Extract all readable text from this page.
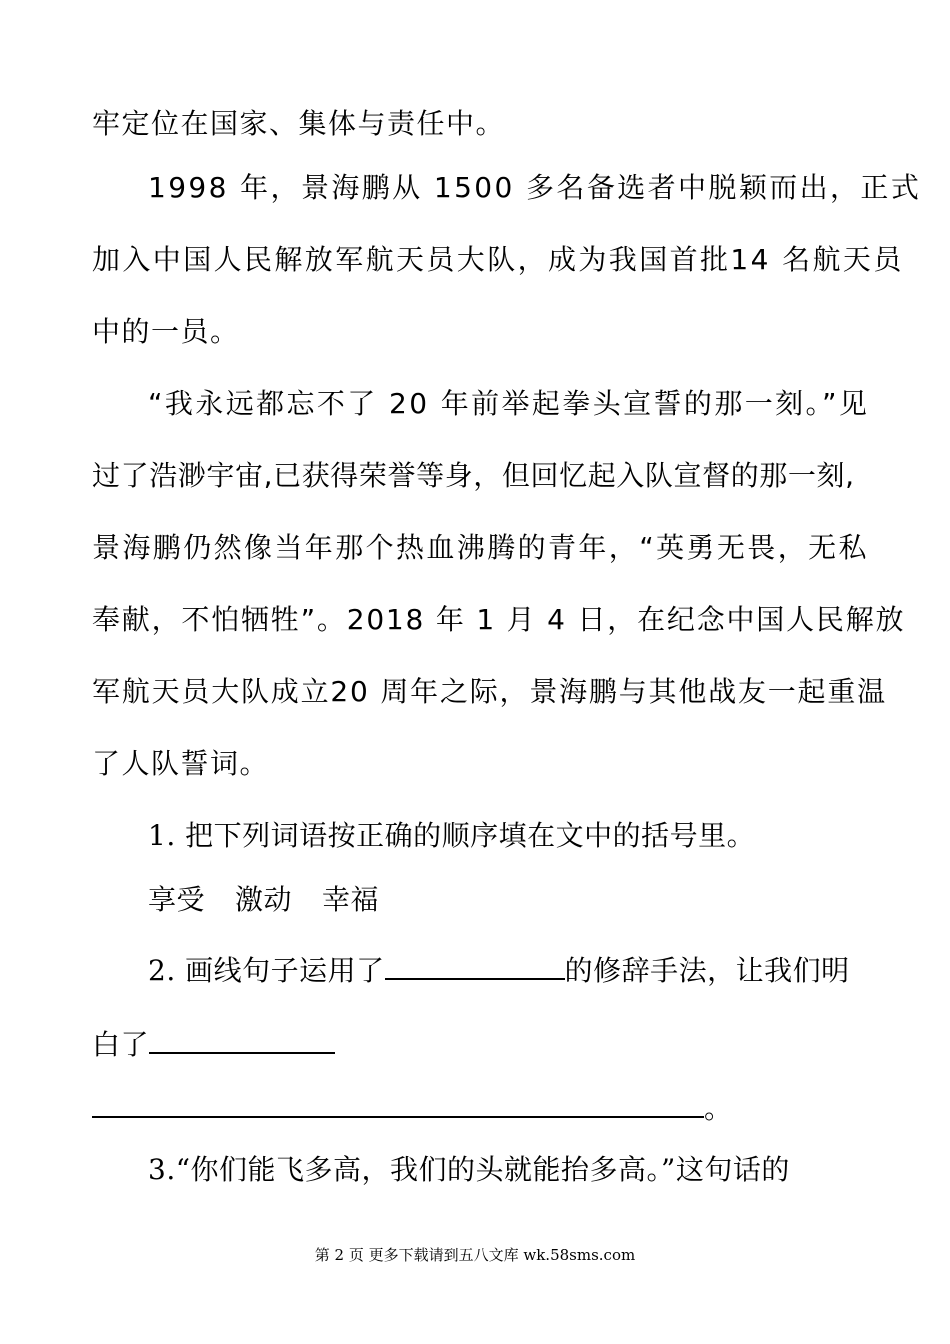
牢定位在国家、集体与责任中。
1998 年，景海鹏从 1500 多名备选者中脱颖而出，正式
加入中国人民解放军航天员大队，成为我国首批14 名航天员
中的一员。
“我永远都忘不了 20 年前举起拳头宣誓的那一刻。”见
过了浩渺宇宙,已获得荣誉等身，但回忆起入队宣督的那一刻,
景海鹏仍然像当年那个热血沸腾的青年，“英勇无畏，无私
奉献，不怕牺牲”。2018 年 1 月 4 日，在纪念中国人民解放
军航天员大队成立20 周年之际，景海鹏与其他战友一起重温
了人队誓词。
1. 把下列词语按正确的顺序填在文中的括号里。
享受 激动 幸福
2. 画线句子运用了	的修辞手法，让我们明
白了
。
3.“你们能飞多高，我们的头就能抬多高。”这句话的
第 2 页 更多下载请到五八文库 wk.58sms.com
